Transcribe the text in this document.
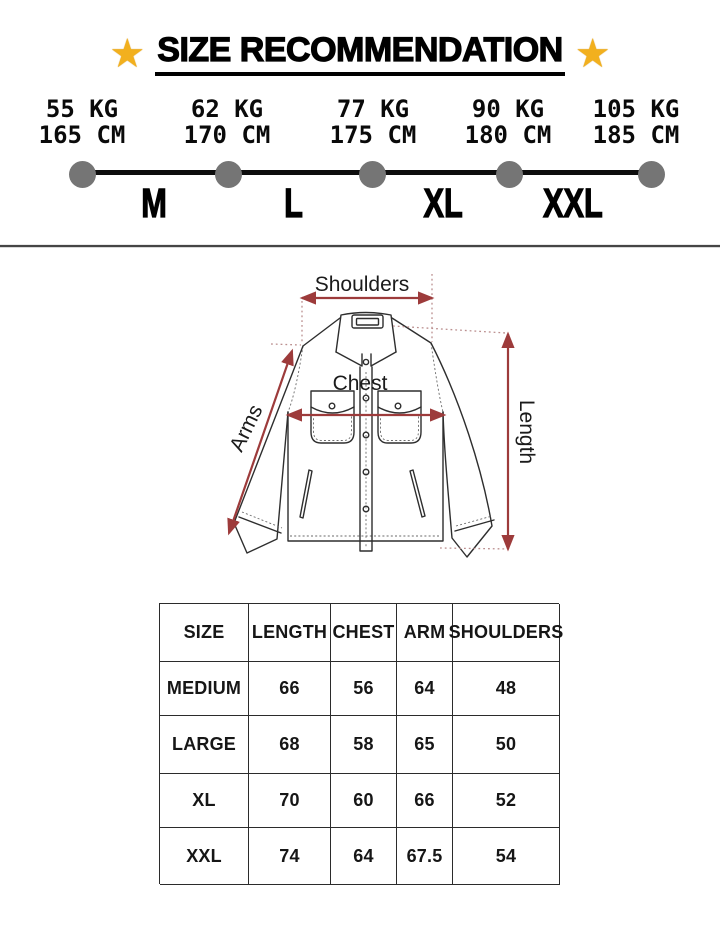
★ SIZE RECOMMENDATION ★
55 KG
165 CM
62 KG
170 CM
77 KG
175 CM
90 KG
180 CM
105 KG
185 CM
M	L	XL	XXL
Shoulders
Chest
Arms	Length
SIZE	LENGTH CHEST ARM SHOULDERS
MEDIUM	66	56	64	48
LARGE	68	58	65	50
XL	70	60	66	52
XXL	74	64	67.5	54
